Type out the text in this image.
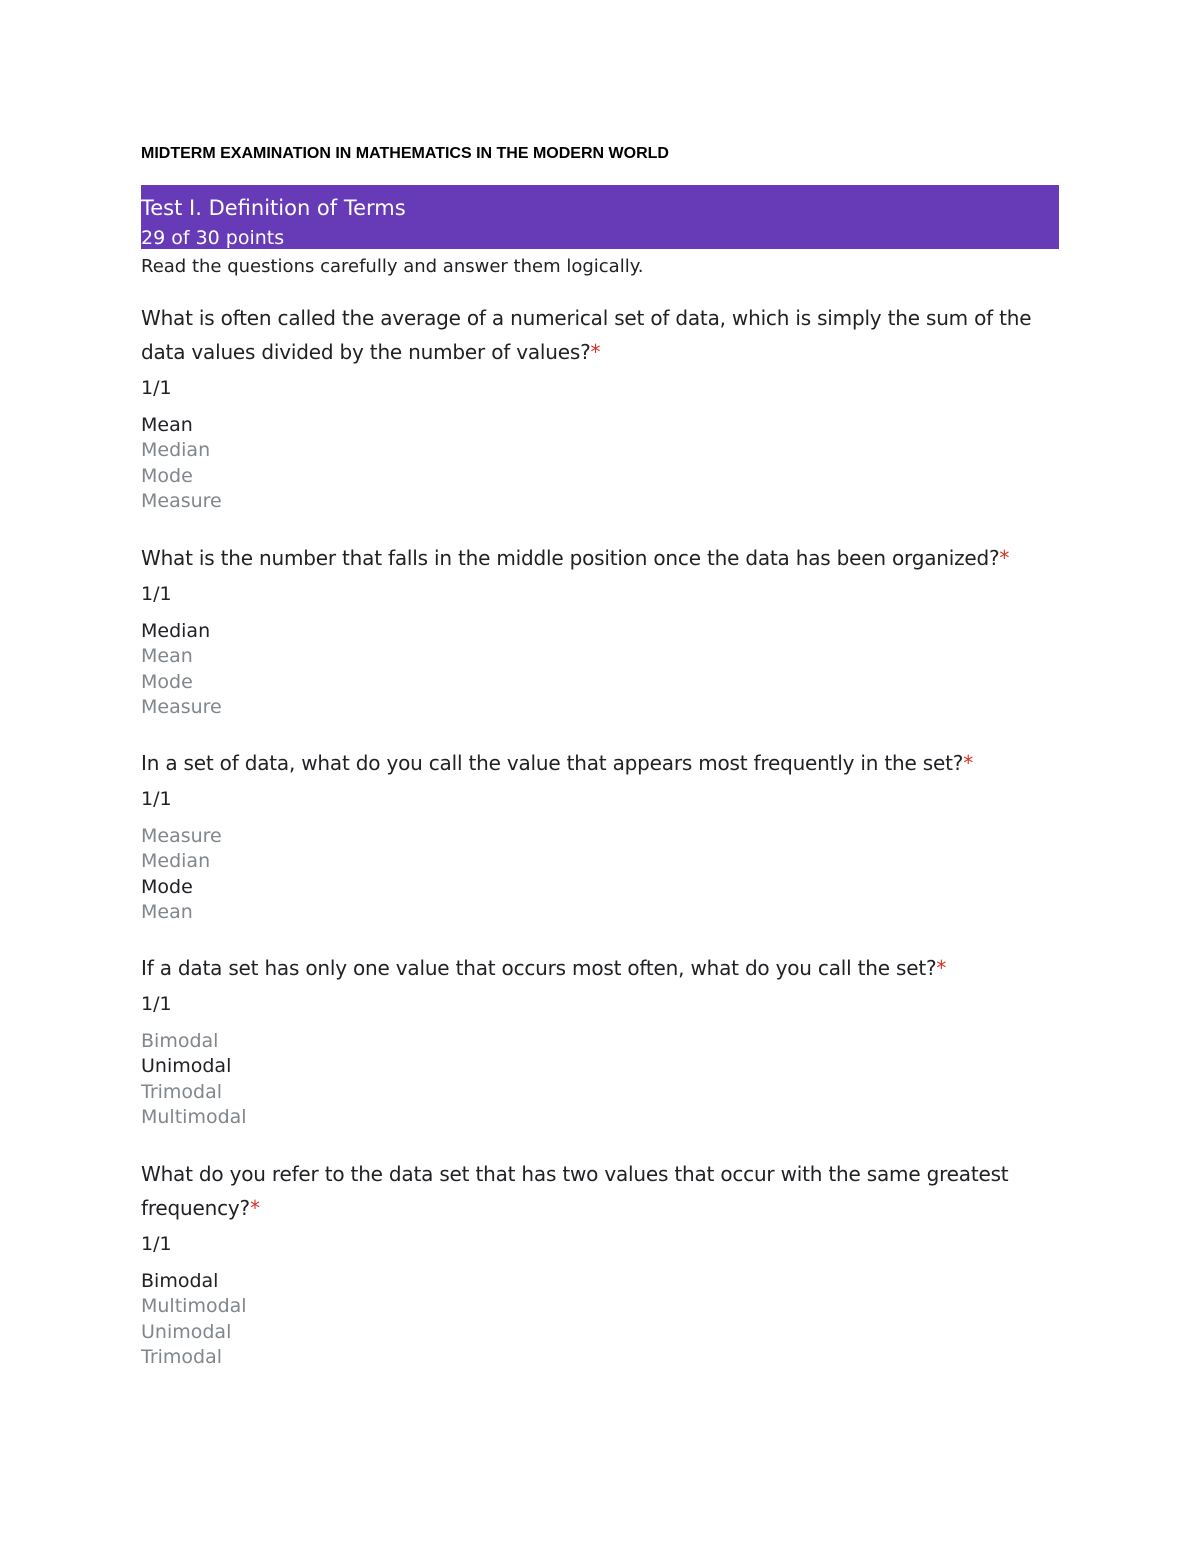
MIDTERM EXAMINATION IN MATHEMATICS IN THE MODERN WORLD
Test I. Definition of Terms
29 of 30 points
Read the questions carefully and answer them logically.
What is often called the average of a numerical set of data, which is simply the sum of the data values divided by the number of values?*
1/1
Mean
Median
Mode
Measure
What is the number that falls in the middle position once the data has been organized?*
1/1
Median
Mean
Mode
Measure
In a set of data, what do you call the value that appears most frequently in the set?*
1/1
Measure
Median
Mode
Mean
If a data set has only one value that occurs most often, what do you call the set?*
1/1
Bimodal
Unimodal
Trimodal
Multimodal
What do you refer to the data set that has two values that occur with the same greatest frequency?*
1/1
Bimodal
Multimodal
Unimodal
Trimodal
